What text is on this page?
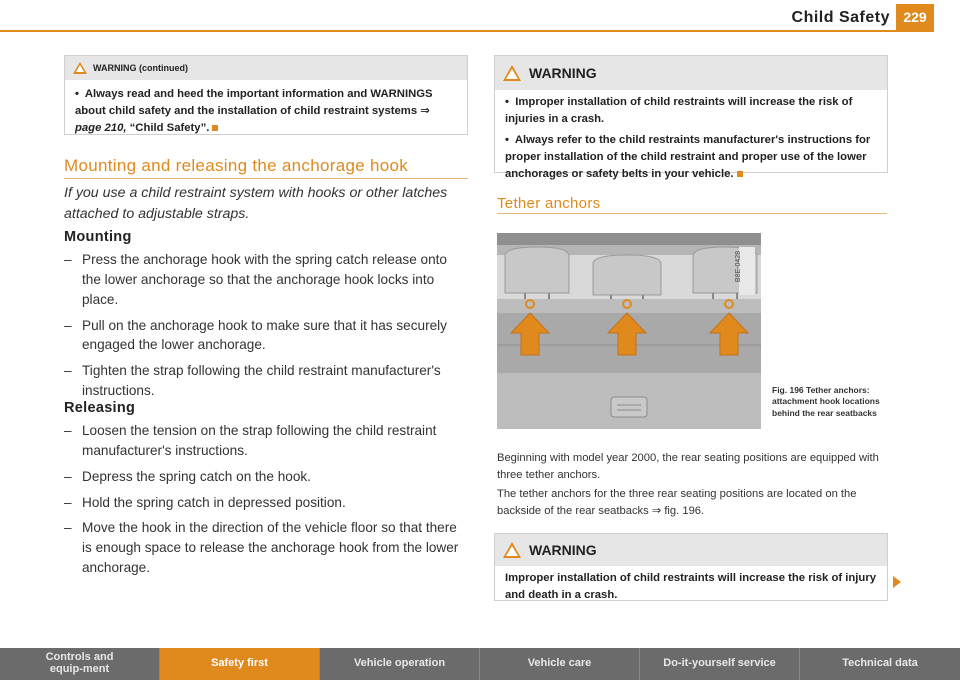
Child Safety 229
! WARNING (continued)

•  Always read and heed the important information and WARNINGS about child safety and the installation of child restraint systems ⇒ page 210, “Child Safety”.

Mounting and releasing the anchorage hook
If you use a child restraint system with hooks or other latches attached to adjustable straps.
Mounting
– Press the anchorage hook with the spring catch release onto the lower anchorage so that the anchorage hook locks into place.
– Pull on the anchorage hook to make sure that it has securely engaged the lower anchorage.
– Tighten the strap following the child restraint manufacturer's instructions.
Releasing
– Loosen the tension on the strap following the child restraint manufacturer's instructions.
– Depress the spring catch on the hook.
– Hold the spring catch in depressed position.
– Move the hook in the direction of the vehicle floor so that there is enough space to release the anchorage hook from the lower anchorage.
! WARNING

•  Improper installation of child restraints will increase the risk of injuries in a crash.

•  Always refer to the child restraints manufacturer's instructions for proper installation of the child restraint and proper use of the lower anchorages or safety belts in your vehicle.

Tether anchors
B8E-0428
Fig. 196 Tether anchors: attachment hook locations behind the rear seatbacks
Beginning with model year 2000, the rear seating positions are equipped with three tether anchors.
The tether anchors for the three rear seating positions are located on the backside of the rear seatbacks ⇒ fig. 196.
! WARNING
Improper installation of child restraints will increase the risk of injury and death in a crash.
Controls and equip-ment	Safety first	Vehicle operation	Vehicle care	Do-it-yourself service	Technical data
